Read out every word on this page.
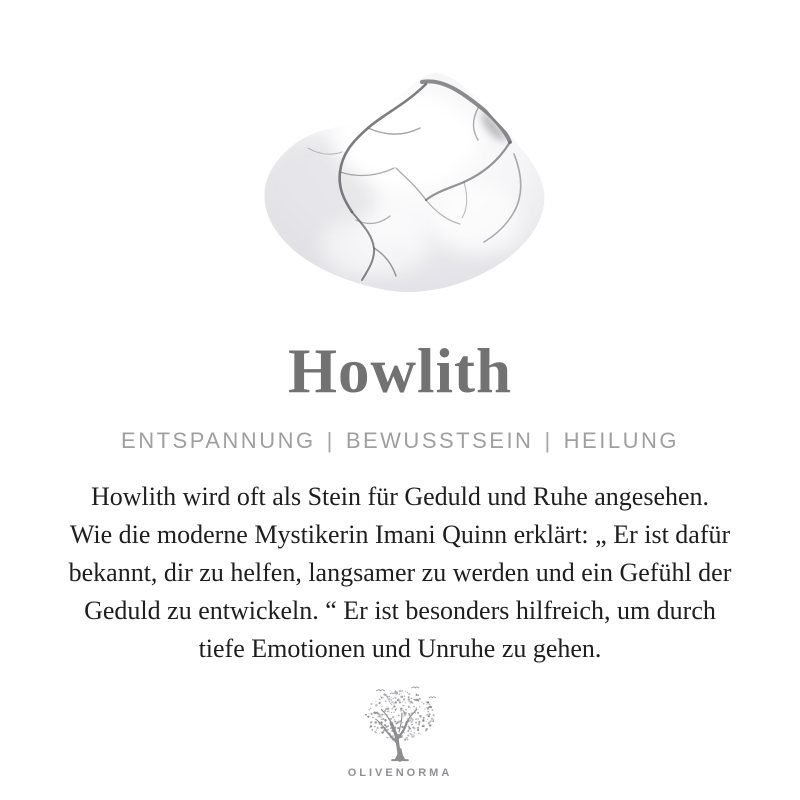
Howlith
ENTSPANNUNG | BEWUSSTSEIN | HEILUNG
Howlith wird oft als Stein für Geduld und Ruhe angesehen.
Wie die moderne Mystikerin Imani Quinn erklärt: „ Er ist dafür
bekannt, dir zu helfen, langsamer zu werden und ein Gefühl der
Geduld zu entwickeln. “ Er ist besonders hilfreich, um durch
tiefe Emotionen und Unruhe zu gehen.
OLIVENORMA
